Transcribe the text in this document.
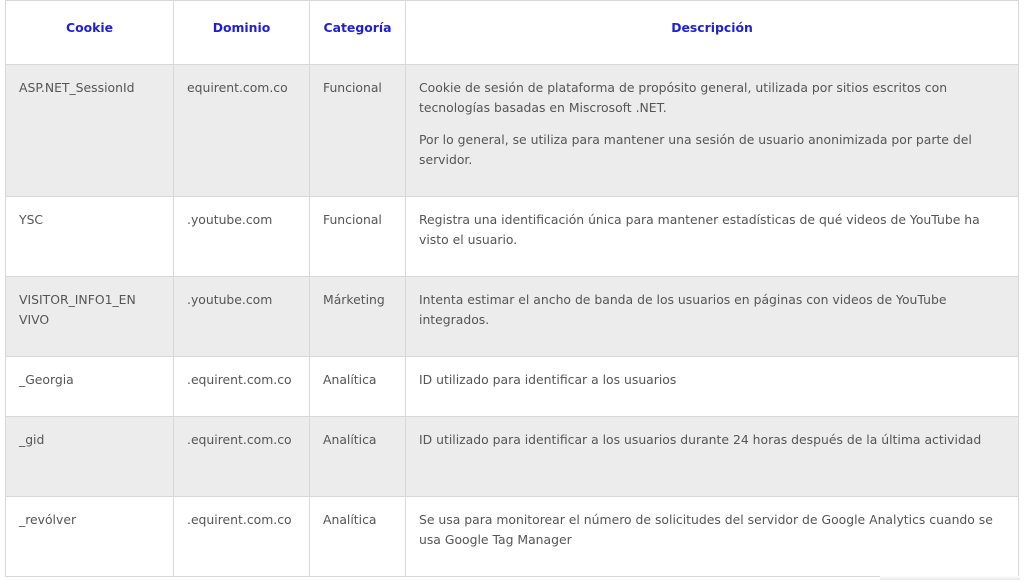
Cookie	Dominio	Categoría	Descripción
ASP.NET_SessionId	equirent.com.co	Funcional	Cookie de sesión de plataforma de propósito general, utilizada por sitios escritos con tecnologías basadas en Miscrosoft .NET.

Por lo general, se utiliza para mantener una sesión de usuario anonimizada por parte del servidor.

YSC	.youtube.com	Funcional	Registra una identificación única para mantener estadísticas de qué videos de YouTube ha visto el usuario.

VISITOR_INFO1_EN VIVO	.youtube.com	Márketing	Intenta estimar el ancho de banda de los usuarios en páginas con videos de YouTube integrados.

_Georgia	.equirent.com.co	Analítica	ID utilizado para identificar a los usuarios

_gid	.equirent.com.co	Analítica	ID utilizado para identificar a los usuarios durante 24 horas después de la última actividad

_revólver	.equirent.com.co	Analítica	Se usa para monitorear el número de solicitudes del servidor de Google Analytics cuando se usa Google Tag Manager
